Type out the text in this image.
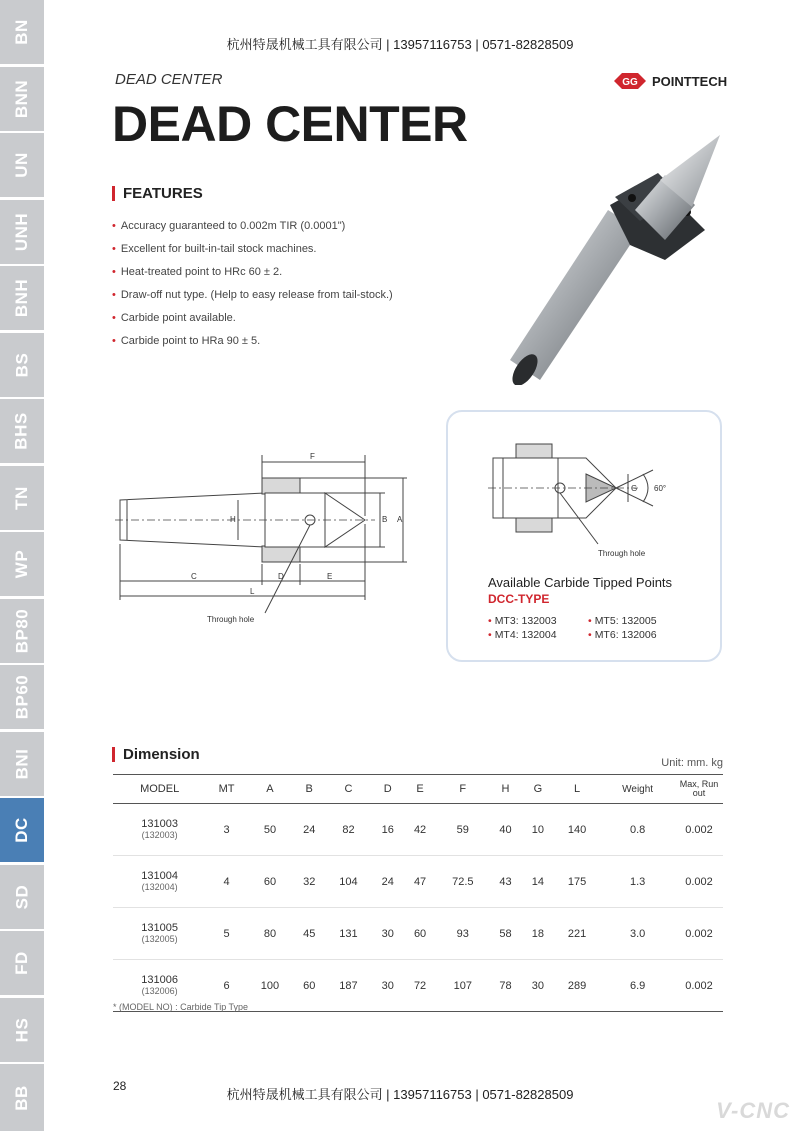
BN
BNN
UN
UNH
BNH
BS
BHS
TN
WP
BP80
BP60
BNI
DC
SD
FD
HS
BB
杭州特晟机械工具有限公司 | 13957116753 | 0571-82828509
DEAD CENTER
DEAD CENTER
GG POINTTECH
FEATURES
• Accuracy guaranteed to 0.002m TIR (0.0001")
• Excellent for built-in-tail stock machines.
• Heat-treated point to HRc 60 ± 2.
• Draw-off nut type. (Help to easy release from tail-stock.)
• Carbide point available.
• Carbide point to HRa 90 ± 5.
F
H	B A
C	D	E
L
Through hole
G 60°
Through hole
Available Carbide Tipped Points
DCC-TYPE
• MT3: 132003	• MT5: 132005
• MT4: 132004	• MT6: 132006
Dimension	Unit: mm. kg
MODEL	MT	A	B	C	D	E	F	H	G	L	Weight	Max, Run out

131003
(132003)	3	50	24	82	16	42	59	40	10	140	0.8	0.002

131004
(132004)	4	60	32	104	24	47	72.5	43	14	175	1.3	0.002

131005
(132005)	5	80	45	131	30	60	93	58	18	221	3.0	0.002

131006
(132006)	6	100	60	187	30	72	107	78	30	289	6.9	0.002
* (MODEL NO) : Carbide Tip Type
28
杭州特晟机械工具有限公司 | 13957116753 | 0571-82828509
V-CNC
